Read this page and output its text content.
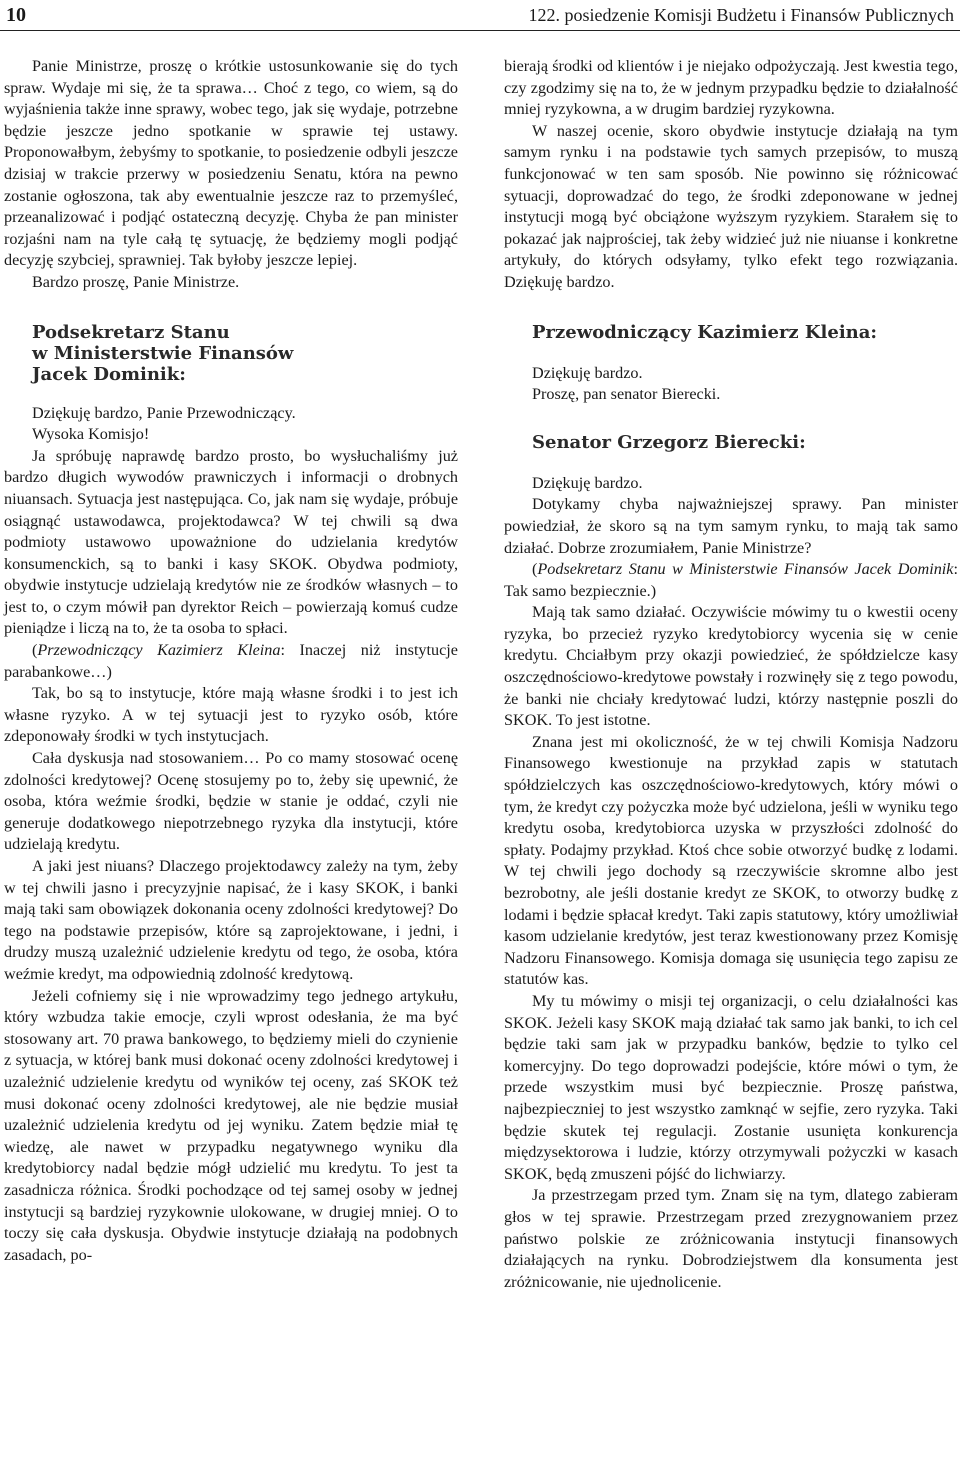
10	122. posiedzenie Komisji Budżetu i Finansów Publicznych

Panie Ministrze, proszę o krótkie ustosunkowanie się do tych spraw. Wydaje mi się, że ta sprawa… Choć z tego, co wiem, są do wyjaśnienia także inne sprawy, wobec tego, jak się wydaje, potrzebne będzie jeszcze jedno spotkanie w sprawie tej ustawy. Proponowałbym, żebyśmy to spotkanie, to posiedzenie odbyli jeszcze dzisiaj w trakcie przerwy w posiedzeniu Senatu, która na pewno zostanie ogłoszona, tak aby ewentualnie jeszcze raz to przemyśleć, przeanalizować i podjąć ostateczną decyzję. Chyba że pan minister rozjaśni nam na tyle całą tę sytuację, że będziemy mogli podjąć decyzję szybciej, sprawniej. Tak byłoby jeszcze lepiej.

Bardzo proszę, Panie Ministrze.

Podsekretarz Stanu
w Ministerstwie Finansów
Jacek Dominik:

Dziękuję bardzo, Panie Przewodniczący.

Wysoka Komisjo!

Ja spróbuję naprawdę bardzo prosto, bo wysłuchaliśmy już bardzo długich wywodów prawniczych i informacji o drobnych niuansach. Sytuacja jest następująca. Co, jak nam się wydaje, próbuje osiągnąć ustawodawca, projektodawca? W tej chwili są dwa podmioty ustawowo upoważnione do udzielania kredytów konsumenckich, są to banki i kasy SKOK. Obydwa podmioty, obydwie instytucje udzielają kredytów nie ze środków własnych – to jest to, o czym mówił pan dyrektor Reich – powierzają komuś cudze pieniądze i liczą na to, że ta osoba to spłaci.

(Przewodniczący Kazimierz Kleina: Inaczej niż instytucje parabankowe…)

Tak, bo są to instytucje, które mają własne środki i to jest ich własne ryzyko. A w tej sytuacji jest to ryzyko osób, które zdeponowały środki w tych instytucjach.

Cała dyskusja nad stosowaniem… Po co mamy stosować ocenę zdolności kredytowej? Ocenę stosujemy po to, żeby się upewnić, że osoba, która weźmie środki, będzie w stanie je oddać, czyli nie generuje dodatkowego niepotrzebnego ryzyka dla instytucji, które udzielają kredytu.

A jaki jest niuans? Dlaczego projektodawcy zależy na tym, żeby w tej chwili jasno i precyzyjnie napisać, że i kasy SKOK, i banki mają taki sam obowiązek dokonania oceny zdolności kredytowej? Do tego na podstawie przepisów, które są zaprojektowane, i jedni, i drudzy muszą uzależnić udzielenie kredytu od tego, że osoba, która weźmie kredyt, ma odpowiednią zdolność kredytową.

Jeżeli cofniemy się i nie wprowadzimy tego jednego artykułu, który wzbudza takie emocje, czyli wprost odesłania, że ma być stosowany art. 70 prawa bankowego, to będziemy mieli do czynienie z sytuacja, w której bank musi dokonać oceny zdolności kredytowej i uzależnić udzielenie kredytu od wyników tej oceny, zaś SKOK też musi dokonać oceny zdolności kredytowej, ale nie będzie musiał uzależnić udzielenia kredytu od jej wyniku. Zatem będzie miał tę wiedzę, ale nawet w przypadku negatywnego wyniku dla kredytobiorcy nadal będzie mógł udzielić mu kredytu. To jest ta zasadnicza różnica. Środki pochodzące od tej samej osoby w jednej instytucji są bardziej ryzykownie ulokowane, w drugiej mniej. O to toczy się cała dyskusja. Obydwie instytucje działają na podobnych zasadach, po-

bierają środki od klientów i je niejako odpożyczają. Jest kwestia tego, czy zgodzimy się na to, że w jednym przypadku będzie to działalność mniej ryzykowna, a w drugim bardziej ryzykowna.

W naszej ocenie, skoro obydwie instytucje działają na tym samym rynku i na podstawie tych samych przepisów, to muszą funkcjonować w ten sam sposób. Nie powinno się różnicować sytuacji, doprowadzać do tego, że środki zdeponowane w jednej instytucji mogą być obciążone wyższym ryzykiem. Starałem się to pokazać jak najprościej, tak żeby widzieć już nie niuanse i konkretne artykuły, do których odsyłamy, tylko efekt tego rozwiązania. Dziękuję bardzo.

Przewodniczący Kazimierz Kleina:

Dziękuję bardzo.

Proszę, pan senator Bierecki.

Senator Grzegorz Bierecki:

Dziękuję bardzo.

Dotykamy chyba najważniejszej sprawy. Pan minister powiedział, że skoro są na tym samym rynku, to mają tak samo działać. Dobrze zrozumiałem, Panie Ministrze?

(Podsekretarz Stanu w Ministerstwie Finansów Jacek Dominik: Tak samo bezpiecznie.)

Mają tak samo działać. Oczywiście mówimy tu o kwestii oceny ryzyka, bo przecież ryzyko kredytobiorcy wycenia się w cenie kredytu. Chciałbym przy okazji powiedzieć, że spółdzielcze kasy oszczędnościowo-kredytowe powstały i rozwinęły się z tego powodu, że banki nie chciały kredytować ludzi, którzy następnie poszli do SKOK. To jest istotne.

Znana jest mi okoliczność, że w tej chwili Komisja Nadzoru Finansowego kwestionuje na przykład zapis w statutach spółdzielczych kas oszczędnościowo-kredytowych, który mówi o tym, że kredyt czy pożyczka może być udzielona, jeśli w wyniku tego kredytu osoba, kredytobiorca uzyska w przyszłości zdolność do spłaty. Podajmy przykład. Ktoś chce sobie otworzyć budkę z lodami. W tej chwili jego dochody są rzeczywiście skromne albo jest bezrobotny, ale jeśli dostanie kredyt ze SKOK, to otworzy budkę z lodami i będzie spłacał kredyt. Taki zapis statutowy, który umożliwiał kasom udzielanie kredytów, jest teraz kwestionowany przez Komisję Nadzoru Finansowego. Komisja domaga się usunięcia tego zapisu ze statutów kas.

My tu mówimy o misji tej organizacji, o celu działalności kas SKOK. Jeżeli kasy SKOK mają działać tak samo jak banki, to ich cel będzie taki sam jak w przypadku banków, będzie to tylko cel komercyjny. Do tego doprowadzi podejście, które mówi o tym, że przede wszystkim musi być bezpiecznie. Proszę państwa, najbezpieczniej to jest wszystko zamknąć w sejfie, zero ryzyka. Taki będzie skutek tej regulacji. Zostanie usunięta konkurencja międzysektorowa i ludzie, którzy otrzymywali pożyczki w kasach SKOK, będą zmuszeni pójść do lichwiarzy.

Ja przestrzegam przed tym. Znam się na tym, dlatego zabieram głos w tej sprawie. Przestrzegam przed zrezygnowaniem przez państwo polskie ze zróżnicowania instytucji finansowych działających na rynku. Dobrodziejstwem dla konsumenta jest zróżnicowanie, nie ujednolicenie.
